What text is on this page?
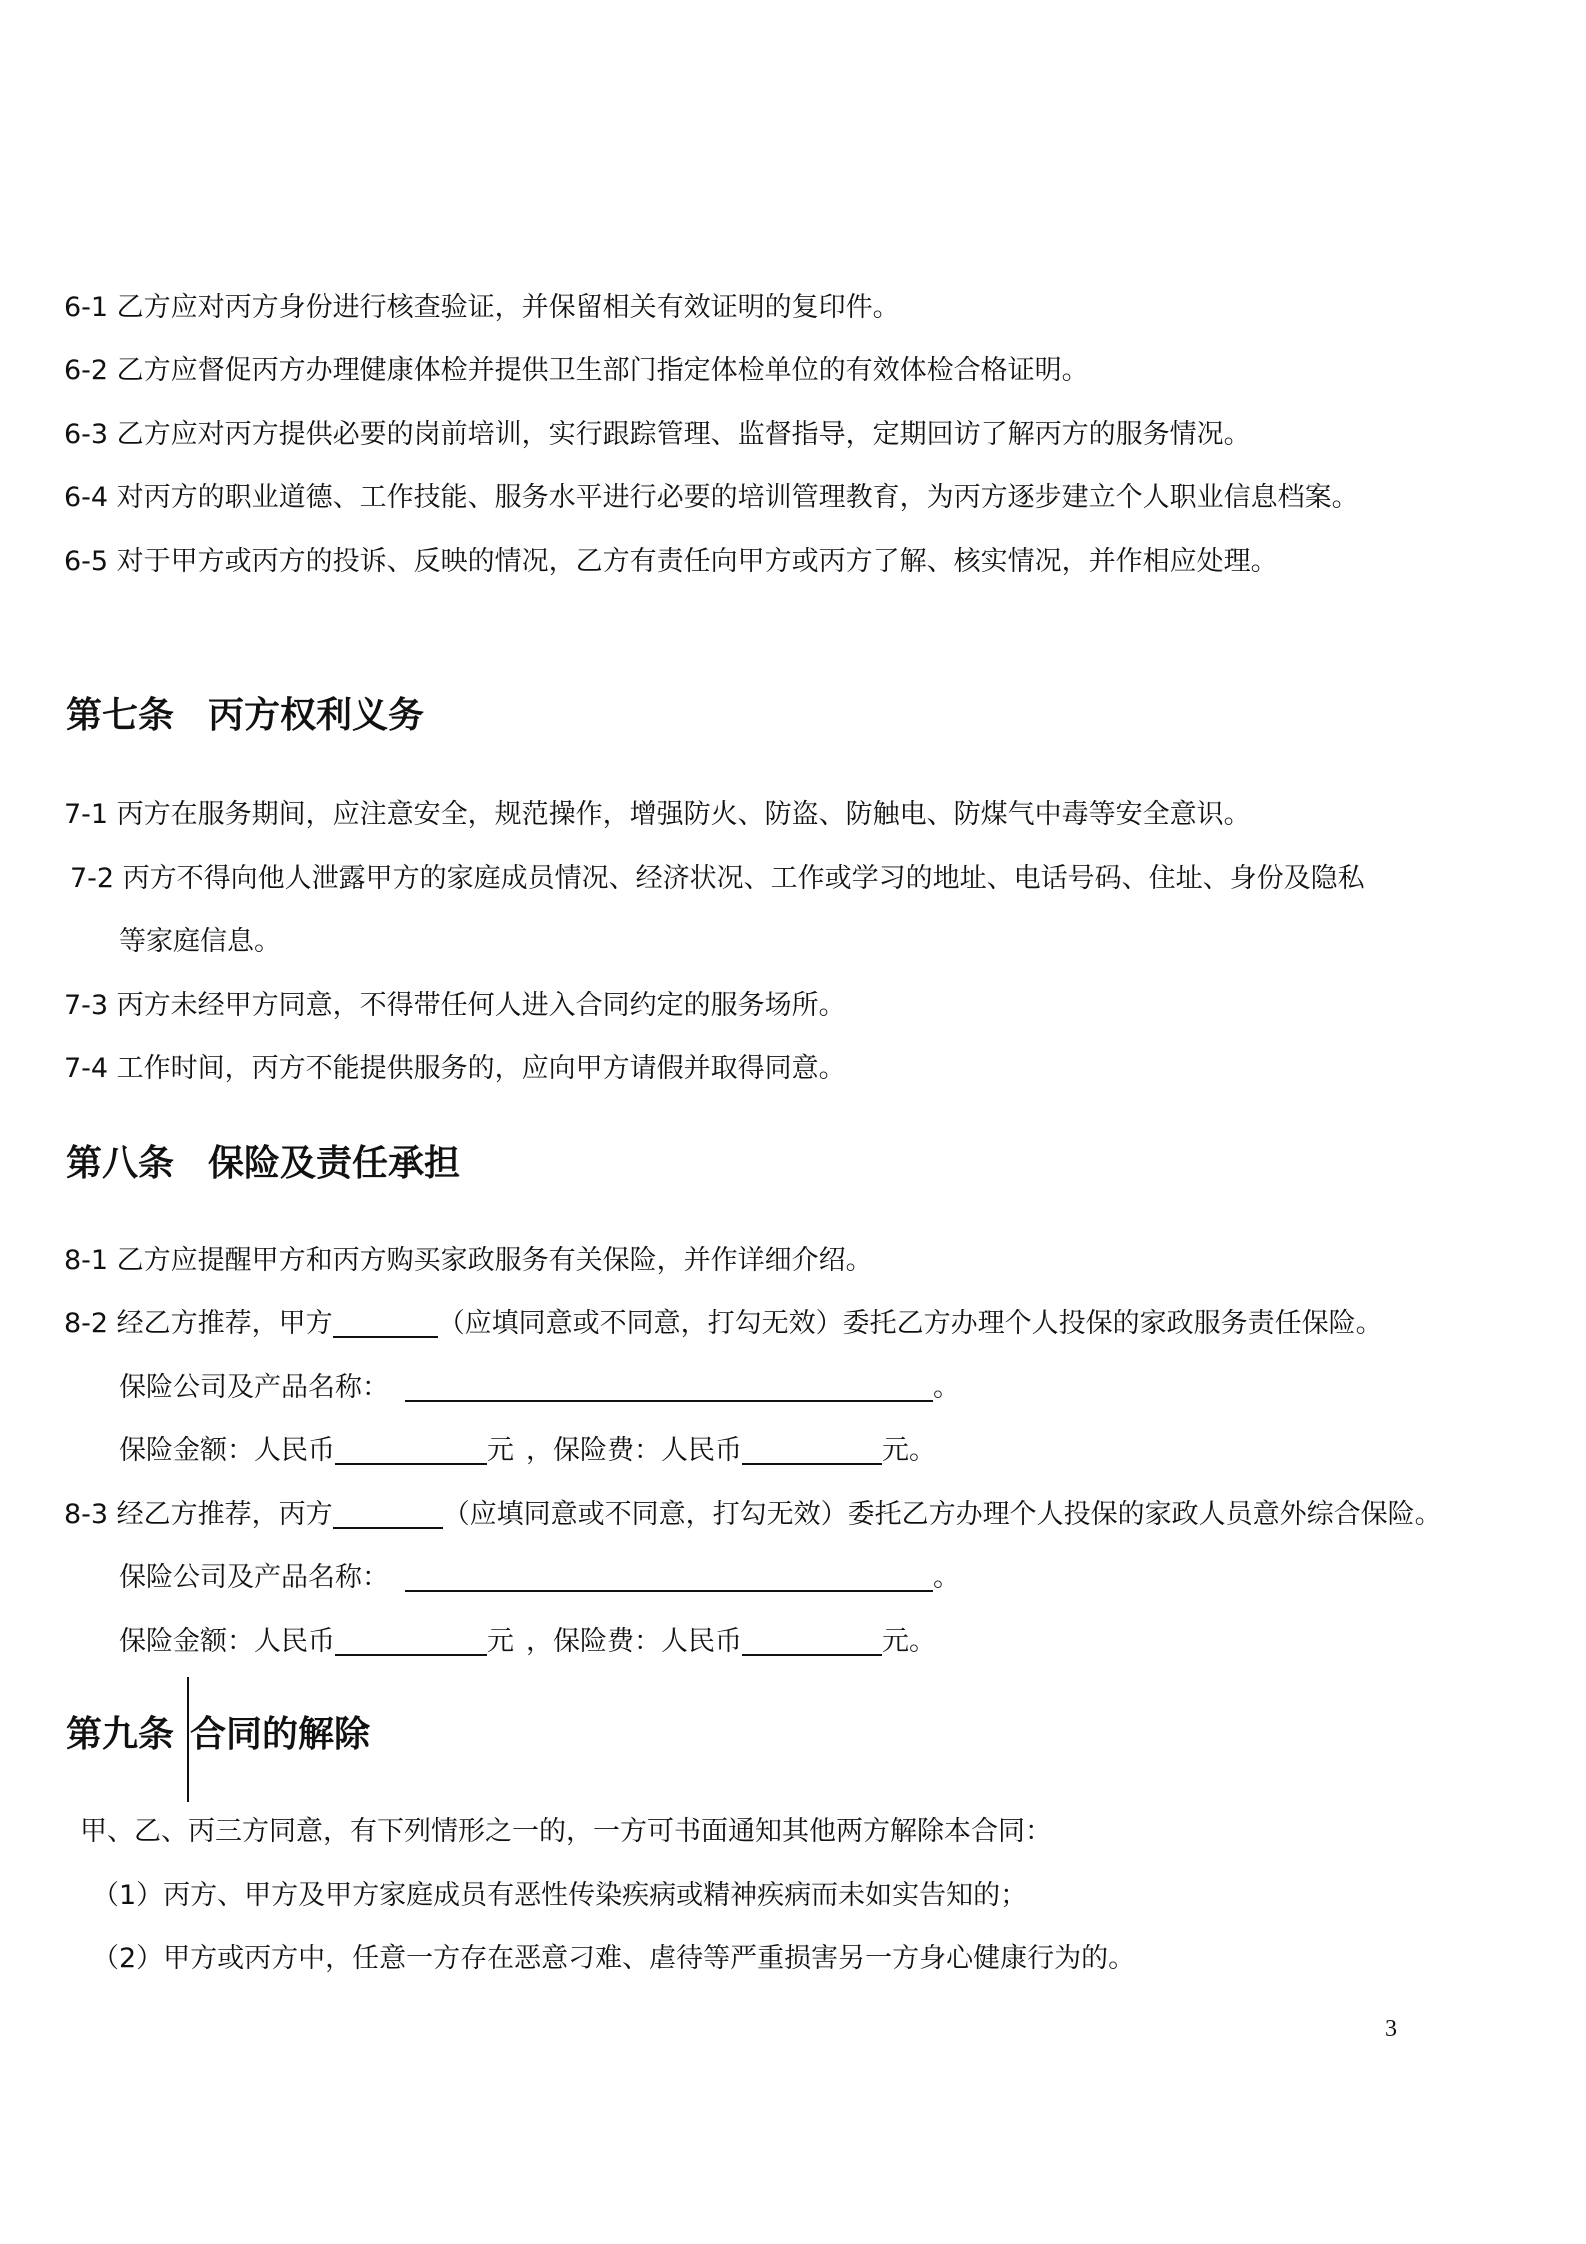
6-1 乙方应对丙方身份进行核查验证，并保留相关有效证明的复印件。
6-2 乙方应督促丙方办理健康体检并提供卫生部门指定体检单位的有效体检合格证明。
6-3 乙方应对丙方提供必要的岗前培训，实行跟踪管理、监督指导，定期回访了解丙方的服务情况。
6-4 对丙方的职业道德、工作技能、服务水平进行必要的培训管理教育，为丙方逐步建立个人职业信息档案。
6-5 对于甲方或丙方的投诉、反映的情况，乙方有责任向甲方或丙方了解、核实情况，并作相应处理。
第七条 丙方权利义务
7-1 丙方在服务期间，应注意安全，规范操作，增强防火、防盗、防触电、防煤气中毒等安全意识。
7-2 丙方不得向他人泄露甲方的家庭成员情况、经济状况、工作或学习的地址、电话号码、住址、身份及隐私
等家庭信息。
7-3 丙方未经甲方同意，不得带任何人进入合同约定的服务场所。
7-4 工作时间，丙方不能提供服务的，应向甲方请假并取得同意。
第八条 保险及责任承担
8-1 乙方应提醒甲方和丙方购买家政服务有关保险，并作详细介绍。
8-2 经乙方推荐，甲方	（应填同意或不同意，打勾无效）委托乙方办理个人投保的家政服务责任保险。
保险公司及产品名称：	。
保险金额：人民币	元 ，保险费：人民币	元。
8-3 经乙方推荐，丙方	（应填同意或不同意，打勾无效）委托乙方办理个人投保的家政人员意外综合保险。
保险公司及产品名称：	。
保险金额：人民币	元 ，保险费：人民币	元。
第九条 合同的解除
甲、乙、丙三方同意，有下列情形之一的，一方可书面通知其他两方解除本合同：
（1）丙方、甲方及甲方家庭成员有恶性传染疾病或精神疾病而未如实告知的；
（2）甲方或丙方中，任意一方存在恶意刁难、虐待等严重损害另一方身心健康行为的。
3
